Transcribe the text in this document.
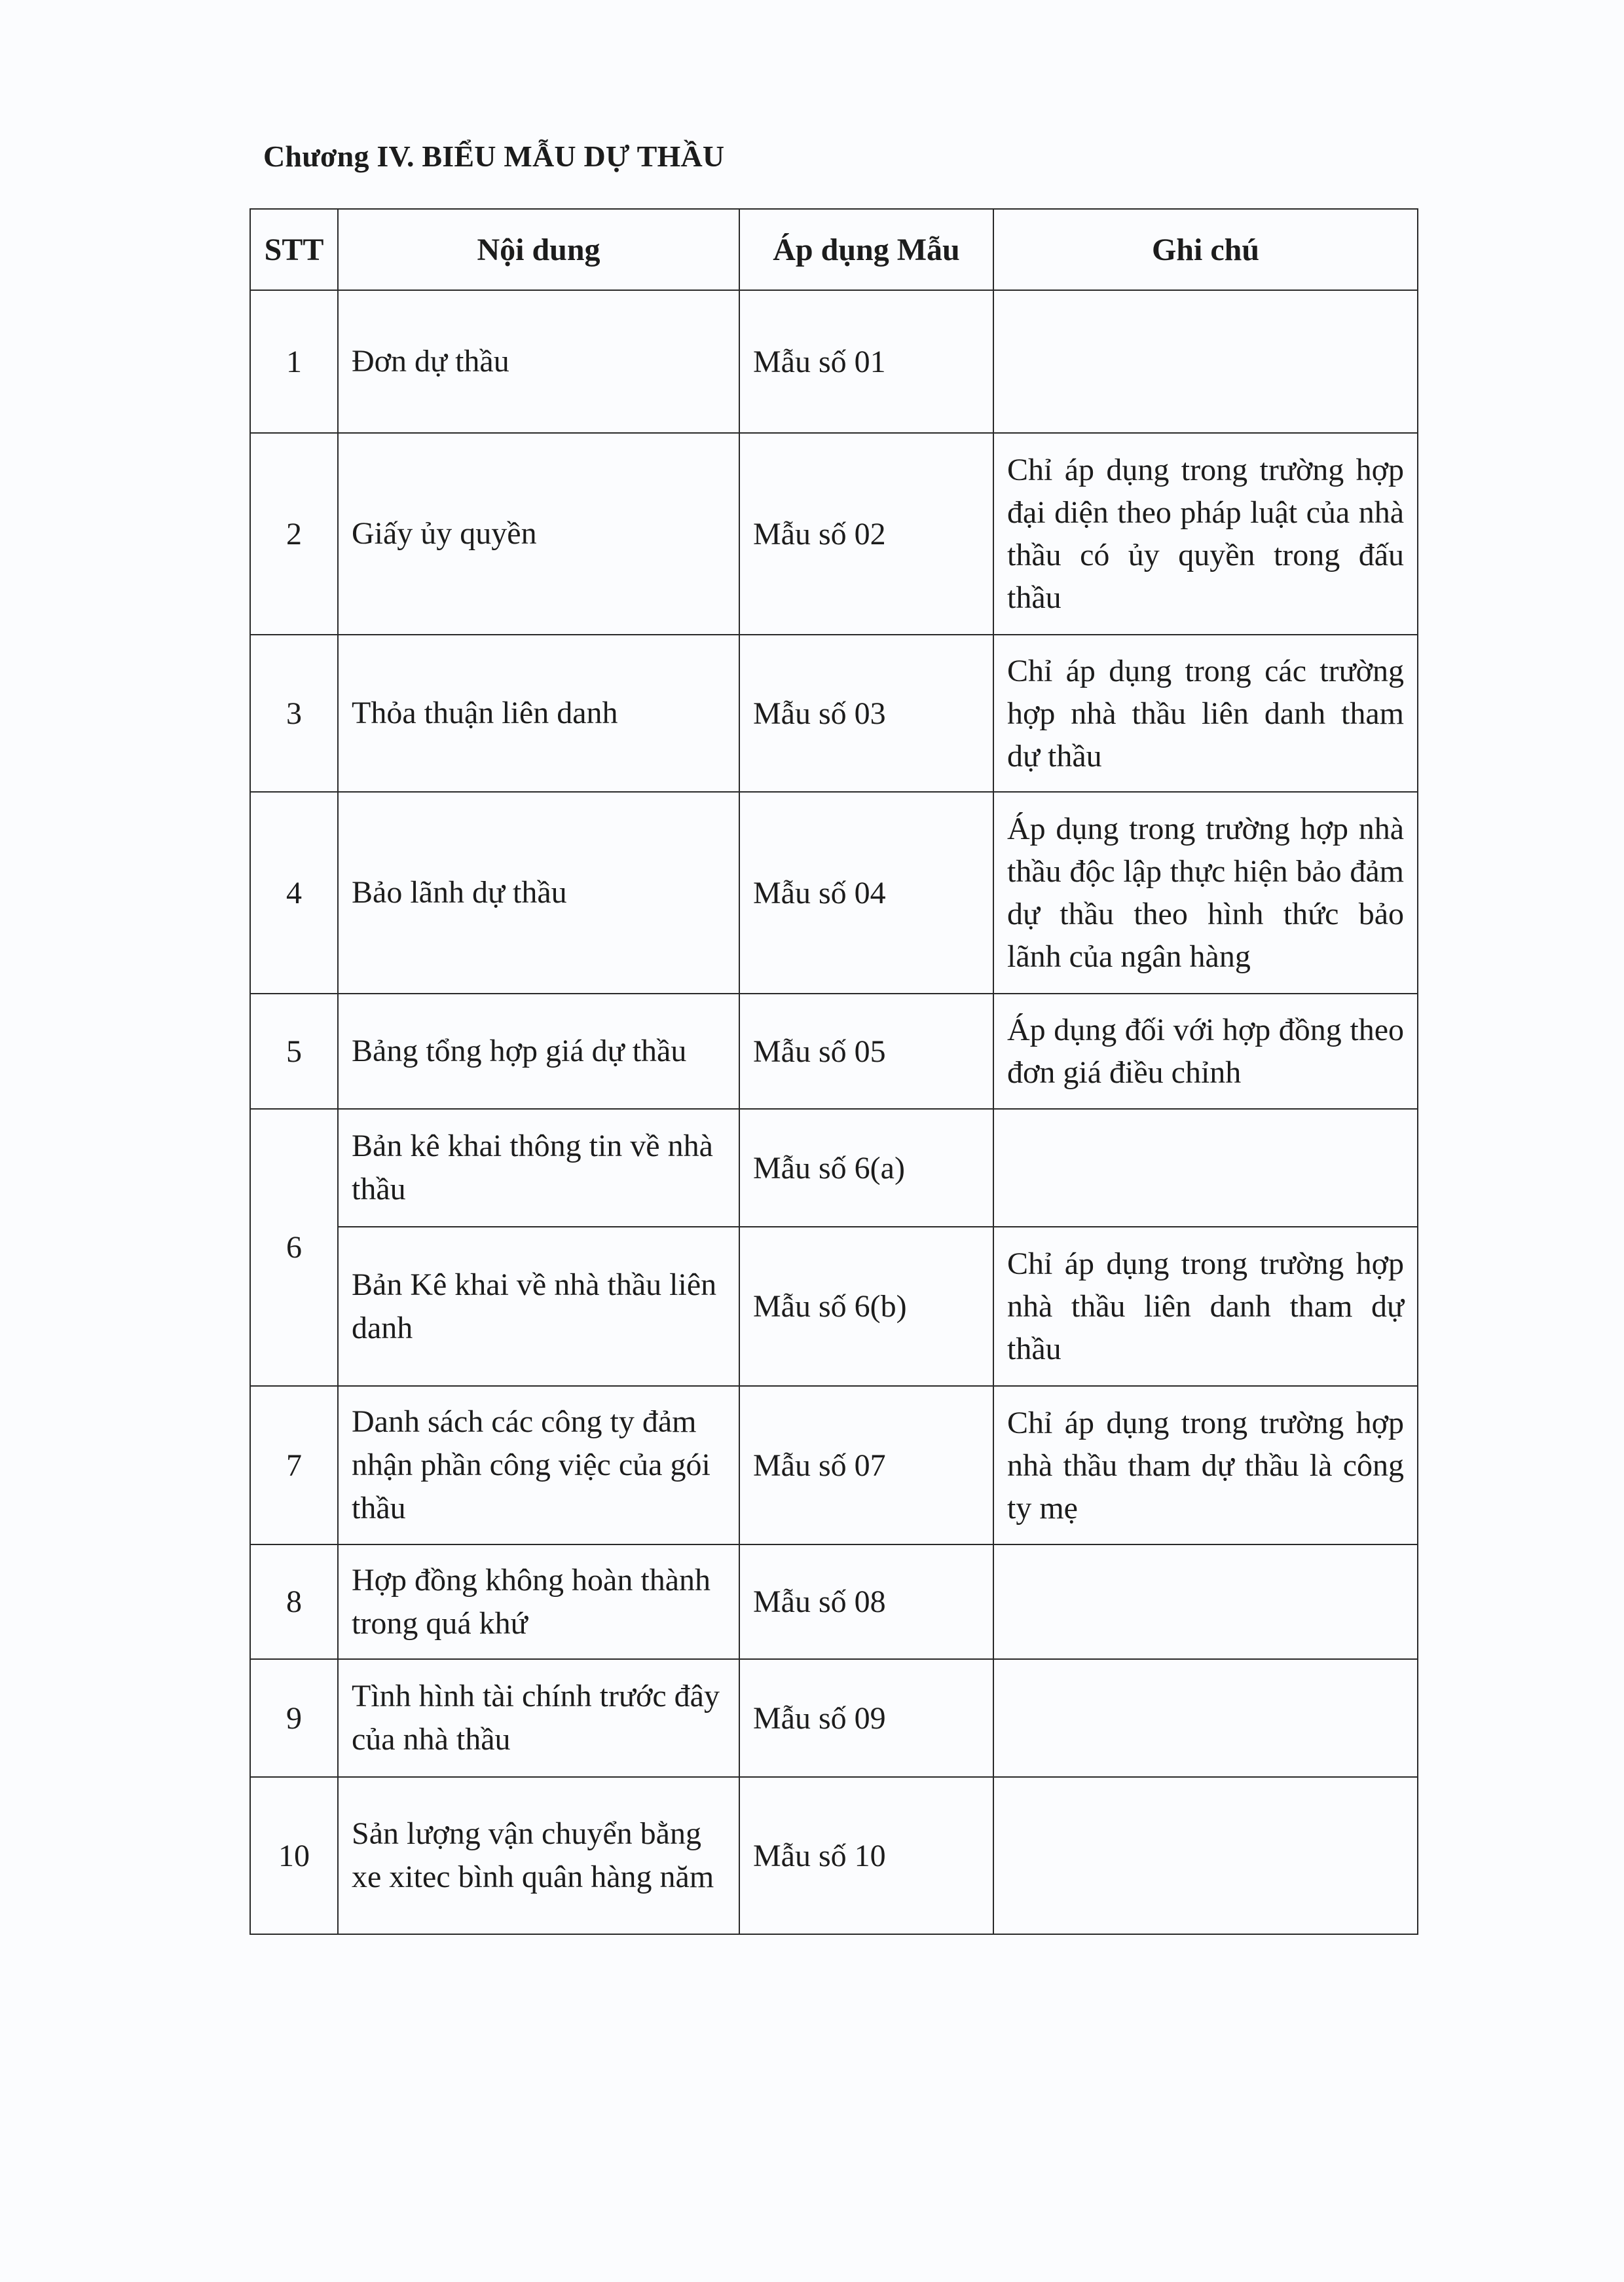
Chương IV. BIỂU MẪU DỰ THẦU
STT	Nội dung	Áp dụng Mẫu	Ghi chú
1	Đơn dự thầu	Mẫu số 01	
2	Giấy ủy quyền	Mẫu số 02	Chỉ áp dụng trong trường hợp đại diện theo pháp luật của nhà thầu có ủy quyền trong đấu thầu
3	Thỏa thuận liên danh	Mẫu số 03	Chỉ áp dụng trong các trường hợp nhà thầu liên danh tham dự thầu
4	Bảo lãnh dự thầu	Mẫu số 04	Áp dụng trong trường hợp nhà thầu độc lập thực hiện bảo đảm dự thầu theo hình thức bảo lãnh của ngân hàng
5	Bảng tổng hợp giá dự thầu	Mẫu số 05	Áp dụng đối với hợp đồng theo đơn giá điều chỉnh
6	Bản kê khai thông tin về nhà thầu	Mẫu số 6(a)	
	Bản Kê khai về nhà thầu liên danh	Mẫu số 6(b)	Chỉ áp dụng trong trường hợp nhà thầu liên danh tham dự thầu
7	Danh sách các công ty đảm nhận phần công việc của gói thầu	Mẫu số 07	Chỉ áp dụng trong trường hợp nhà thầu tham dự thầu là công ty mẹ
8	Hợp đồng không hoàn thành trong quá khứ	Mẫu số 08	
9	Tình hình tài chính trước đây của nhà thầu	Mẫu số 09	
10	Sản lượng vận chuyển bằng xe xitec bình quân hàng năm	Mẫu số 10	
